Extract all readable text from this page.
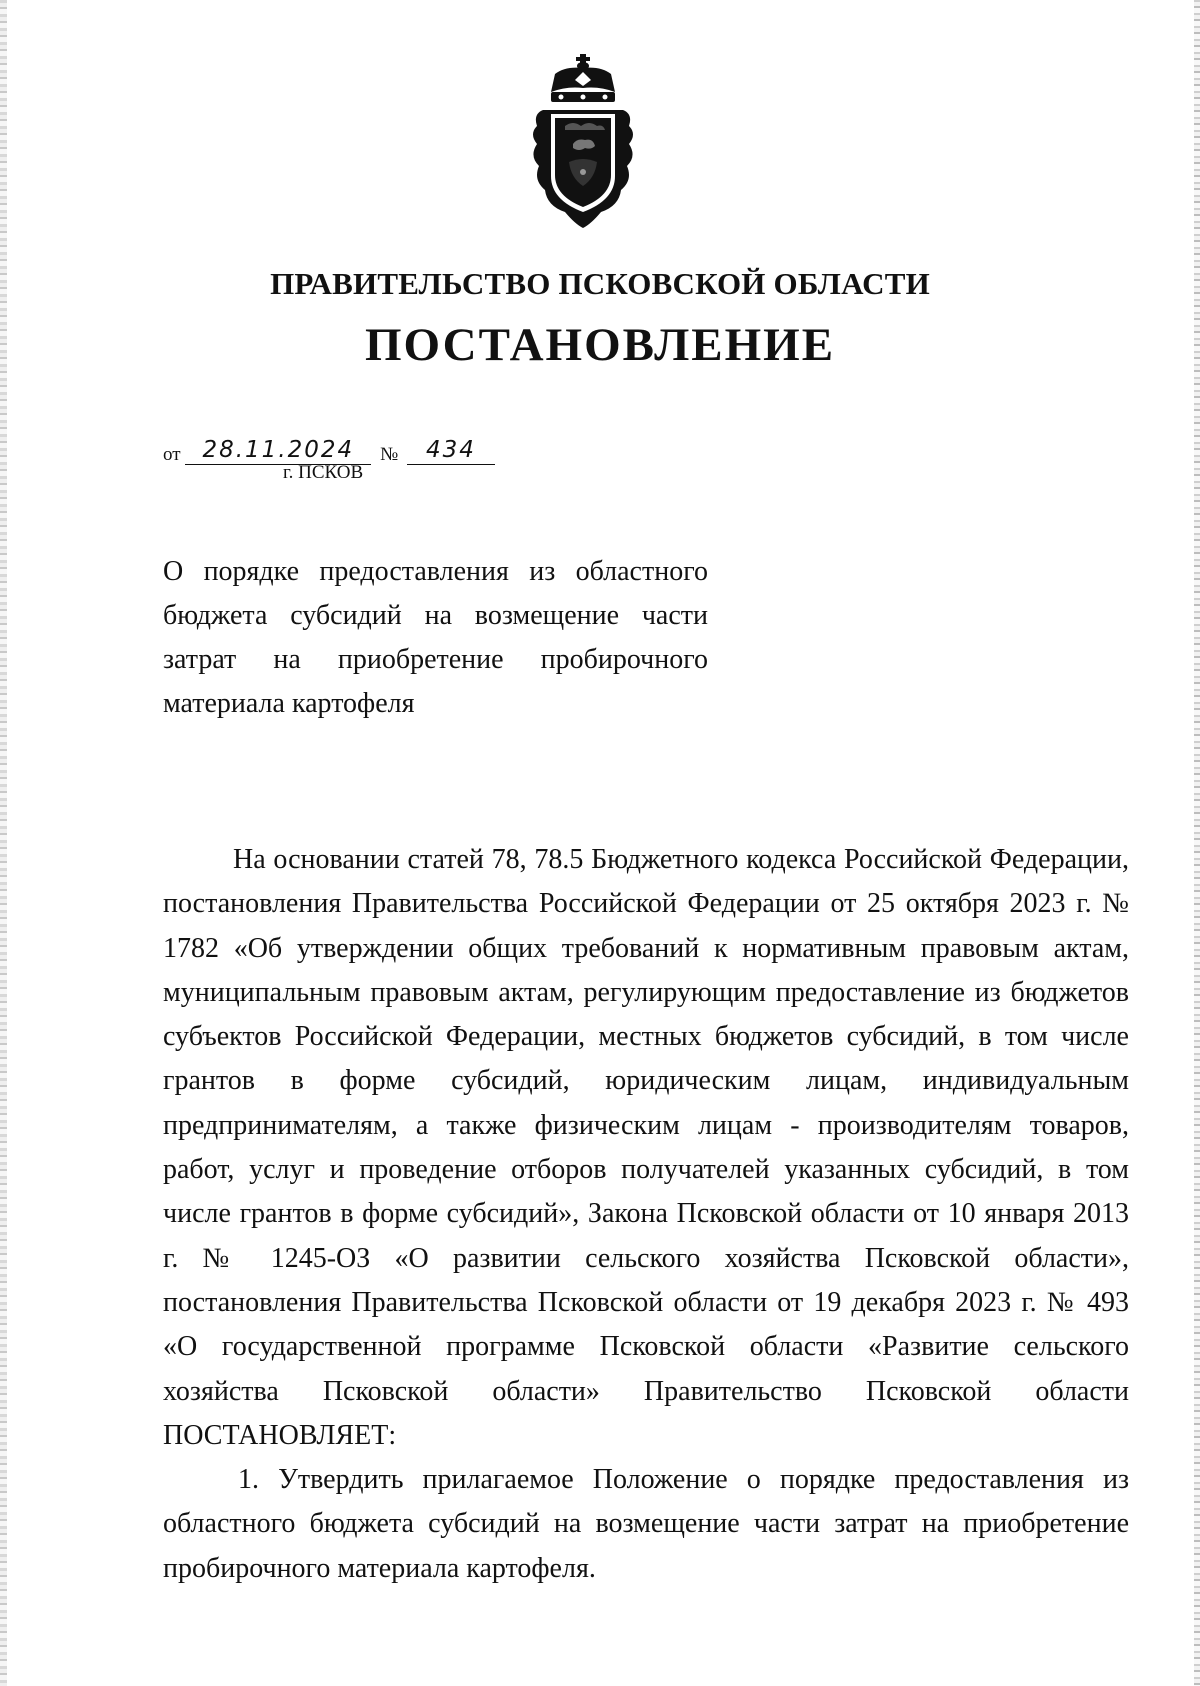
ПРАВИТЕЛЬСТВО ПСКОВСКОЙ ОБЛАСТИ
ПОСТАНОВЛЕНИЕ
от 28.11.2024 № 434
г. ПСКОВ
О порядке предоставления из областного бюджета субсидий на возмещение части затрат на приобретение пробирочного материала картофеля

На основании статей 78, 78.5 Бюджетного кодекса Российской Федерации, постановления Правительства Российской Федерации от 25 октября 2023 г. № 1782 «Об утверждении общих требований к нормативным правовым актам, муниципальным правовым актам, регулирующим предоставление из бюджетов субъектов Российской Федерации, местных бюджетов субсидий, в том числе грантов в форме субсидий, юридическим лицам, индивидуальным предпринимателям, а также физическим лицам - производителям товаров, работ, услуг и проведение отборов получателей указанных субсидий, в том числе грантов в форме субсидий», Закона Псковской области от 10 января 2013 г. № 1245-ОЗ «О развитии сельского хозяйства Псковской области», постановления Правительства Псковской области от 19 декабря 2023 г. № 493 «О государственной программе Псковской области «Развитие сельского хозяйства Псковской области» Правительство Псковской области ПОСТАНОВЛЯЕТ:

1. Утвердить прилагаемое Положение о порядке предоставления из областного бюджета субсидий на возмещение части затрат на приобретение пробирочного материала картофеля.
